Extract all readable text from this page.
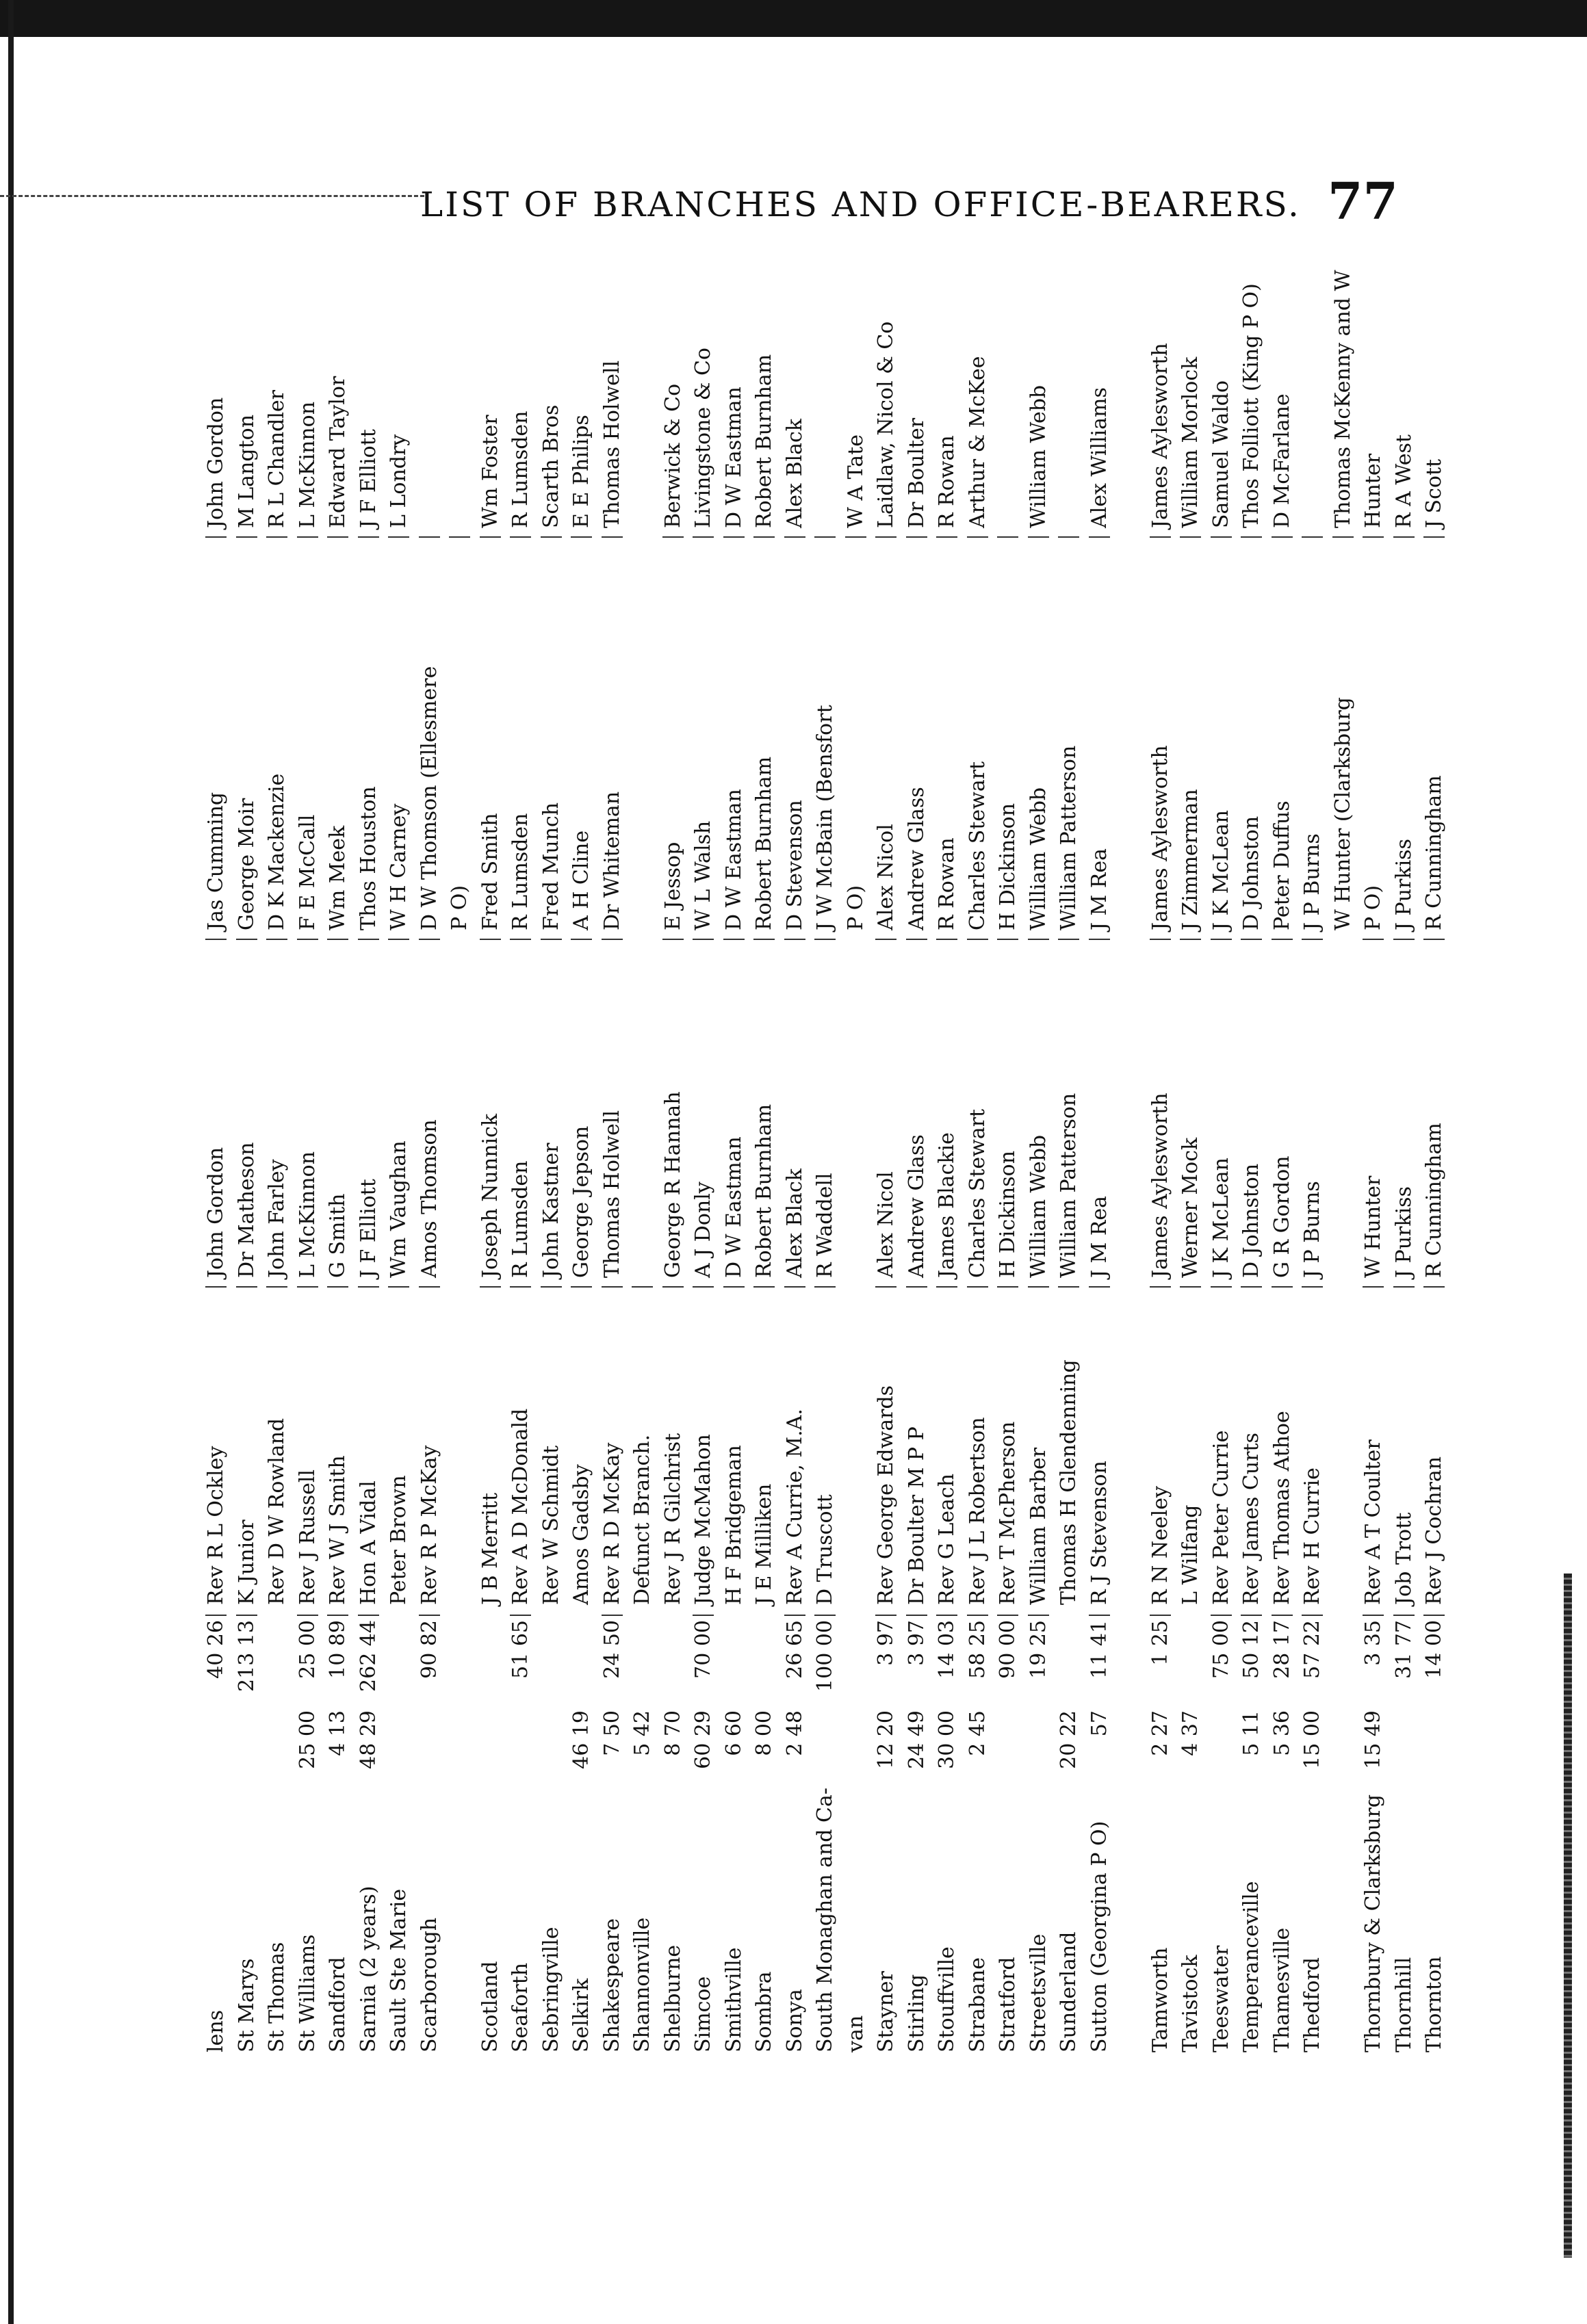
LIST OF BRANCHES AND OFFICE-BEARERS. 77
lens
40 26
Rev R L Ockley
John Gordon
Jas Cumming
John Gordon
St Marys
213 13
K Junior
Dr Matheson
George Moir
M Langton
St Thomas
Rev D W Rowland
John Farley
D K Mackenzie
R L Chandler
St Williams
25 00
25 00
Rev J Russell
L McKinnon
F E McCall
L McKinnon
Sandford
4 13
10 89
Rev W J Smith
G Smith
Wm Meek
Edward Taylor
Sarnia (2 years)
48 29
262 44
Hon A Vidal
J F Elliott
Thos Houston
J F Elliott
Sault Ste Marie
Peter Brown
Wm Vaughan
W H Carney
L Londry
Scarborough
90 82
Rev R P McKay
Amos Thomson
D W Thomson (Ellesmere P O)
Scotland
J B Merritt
Joseph Nunnick
Fred Smith
Wm Foster
Seaforth
51 65
Rev A D McDonald
R Lumsden
R Lumsden
R Lumsden
Sebringville
Rev W Schmidt
John Kastner
Fred Munch
Scarth Bros
Selkirk
46 19
Amos Gadsby
George Jepson
A H Cline
E E Philips
Shakespeare
7 50
24 50
Rev R D McKay
Thomas Holwell
Dr Whiteman
Thomas Holwell
Shannonville
5 42
Defunct Branch.
Shelburne
8 70
Rev J R Gilchrist
George R Hannah
E Jessop
Berwick & Co
Simcoe
60 29
70 00
Judge McMahon
A J Donly
W L Walsh
Livingstone & Co
Smithville
6 60
H F Bridgeman
D W Eastman
D W Eastman
D W Eastman
Sombra
8 00
J E Milliken
Robert Burnham
Robert Burnham
Robert Burnham
Sonya
2 48
26 65
Rev A Currie, M.A.
Alex Black
D Stevenson
Alex Black
South Monaghan and Ca-
100 00
D Truscott
R Waddell
J W McBain (Bensfort
van
P O)
W A Tate
Stayner
12 20
3 97
Rev George Edwards
Alex Nicol
Alex Nicol
Laidlaw, Nicol & Co
Stirling
24 49
3 97
Dr Boulter M P P
Andrew Glass
Andrew Glass
Dr Boulter
Stouffville
30 00
14 03
Rev G Leach
James Blackie
R Rowan
R Rowan
Strabane
2 45
58 25
Rev J L Robertson
Charles Stewart
Charles Stewart
Arthur & McKee
Stratford
90 00
Rev T McPherson
H Dickinson
H Dickinson
Streetsville
19 25
William Barber
William Webb
William Webb
William Webb
Sunderland
20 22
Thomas H Glendenning
William Patterson
William Patterson
Sutton (Georgina P O)
57
11 41
R J Stevenson
J M Rea
J M Rea
Alex Williams
Tamworth
2 27
1 25
R N Neeley
James Aylesworth
James Aylesworth
James Aylesworth
Tavistock
4 37
L Wilfang
Werner Mock
J Zimmerman
William Morlock
Teeswater
75 00
Rev Peter Currie
J K McLean
J K McLean
Samuel Waldo
Temperanceville
5 11
50 12
Rev James Curts
D Johnston
D Johnston
Thos Folliott (King P O)
Thamesville
5 36
28 17
Rev Thomas Athoe
G R Gordon
Peter Duffus
D McFarlane
Thedford
15 00
57 22
Rev H Currie
J P Burns
J P Burns W Hunter (Clarksburg
Thomas McKenny and W
Thornbury & Clarksburg
15 49
3 35
Rev A T Coulter
W Hunter
P O)
Hunter
Thornhill
31 77
Job Trott
J Purkiss
J Purkiss
R A West
Thornton
14 00
Rev J Cochran
R Cunningham
R Cunningham
J Scott
